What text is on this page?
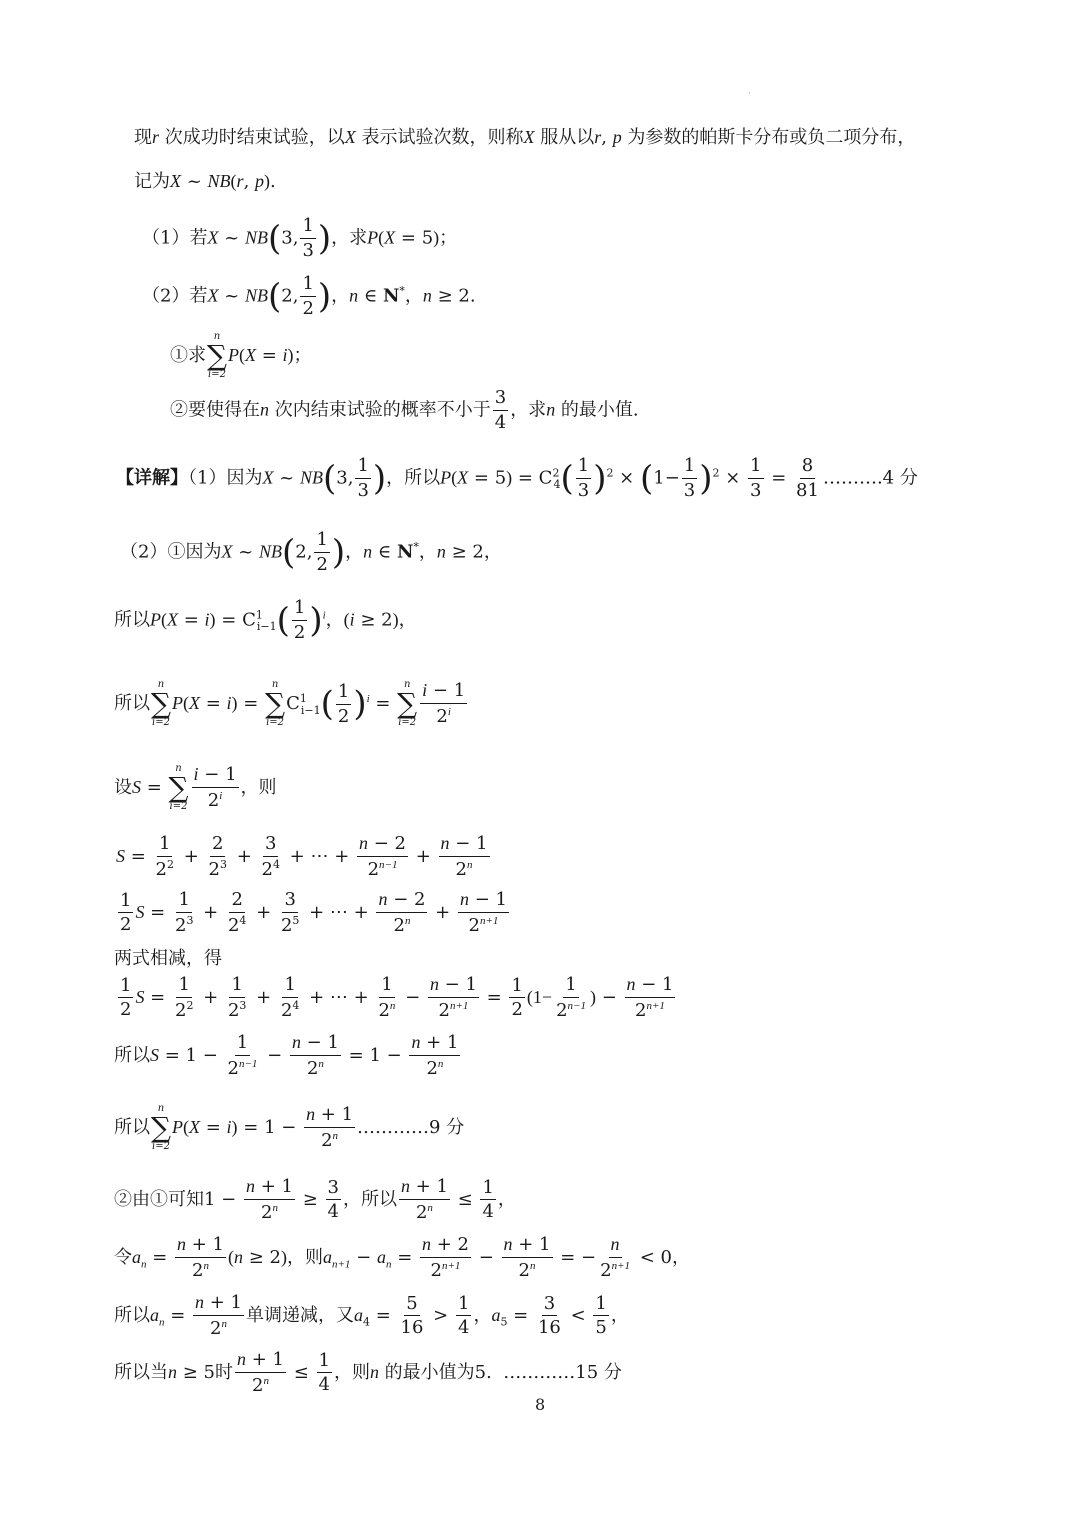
'
现r 次成功时结束试验，以X 表示试验次数，则称X 服从以r, p 为参数的帕斯卡分布或负二项分布，
记为X ~ NB(r, p).
（1）若X ~ NB(3, $\frac{1}{3}$ )，求P(X = 5)；
（2）若X ~ NB(2, $\frac{1}{2}$ )，n ∈ N*，n ≥ 2.
①求
n
∑
i=2
P(X = i)；
②要使得在n 次内结束试验的概率不小于 $\frac{3}{4}$ ，求n 的最小值.
【详解】（1）因为X ~ NB(3, $\frac{1}{3}$ )，所以$P(X = 5) = C^2_4( \frac{1}{3} )^2 \times (1- \frac{1}{3} )^2 \times \frac{1}{3} = \frac{8}{81}$ ……….4 分
（2）①因为X ~ NB(2, $\frac{1}{2}$ )，n ∈ N*，n ≥ 2，
所以$P(X = i) = C^1_{i-1}( \frac{1}{2} )^i$，(i ≥ 2)，
所以
n
∑
i=2
P(X = i) =
n
∑
i=2
$C^1_{i-1}( \frac{1}{2} )^i$ =
n
∑
$i=2 \frac{i - 1}{2^i}$
设S =
n
∑
$i=2 \frac{i - 1}{2^i}$ ，则
$S = \frac{1}{2^2} + \frac{2}{2^3} + \frac{3}{2^4}$ + ⋯ + $\frac{n - 2}{2^{n-1}} + \frac{n - 1}{2^n}$
$\frac{1}{2}$ $S = \frac{1}{2^3} + \frac{2}{2^4} + \frac{3}{2^5}$ + ⋯ + $\frac{n - 2}{2^n} + \frac{n - 1}{2^{n+1}}$
两式相减，得
$\frac{1}{2}$ $S = \frac{1}{2^2} + \frac{1}{2^3} + \frac{1}{2^4}$ + ⋯ + $\frac{1}{2^n} - \frac{n - 1}{2^{n+1}} = \frac{1}{2} (1- \frac{1}{2^{n-1}}$ ) − $\frac{n - 1}{2^{n+1}}$
所以$S = 1 - \frac{1}{2^{n-1}} - \frac{n - 1}{2^n} = 1 - \frac{n + 1}{2^n}$
所以
n
∑
i=2
$P(X = i) = 1 - \frac{n + 1}{2^n}$ …………9 分
②由①可知$1 - \frac{n + 1}{2^n} \ge \frac{3}{4}$ ，所以 $\frac{n + 1}{2^n} \le \frac{1}{4}$ ，
令$a_n = \frac{n + 1}{2^n} (n \ge 2)$，则$a_{n+1} - a_n = \frac{n + 2}{2^{n+1}} - \frac{n + 1}{2^n}$ = − $\frac{n}{2^{n+1}} < 0$，
所以$a_n = \frac{n + 1}{2^n}$ 单调递减，又$a_4 = \frac{5}{16} > \frac{1}{4}$ ，$a_5 = \frac{3}{16} < \frac{1}{5}$ ，
所以当n ≥ 5时 $\frac{n + 1}{2^n} \le \frac{1}{4}$ ，则n 的最小值为5.  …………15 分
8
